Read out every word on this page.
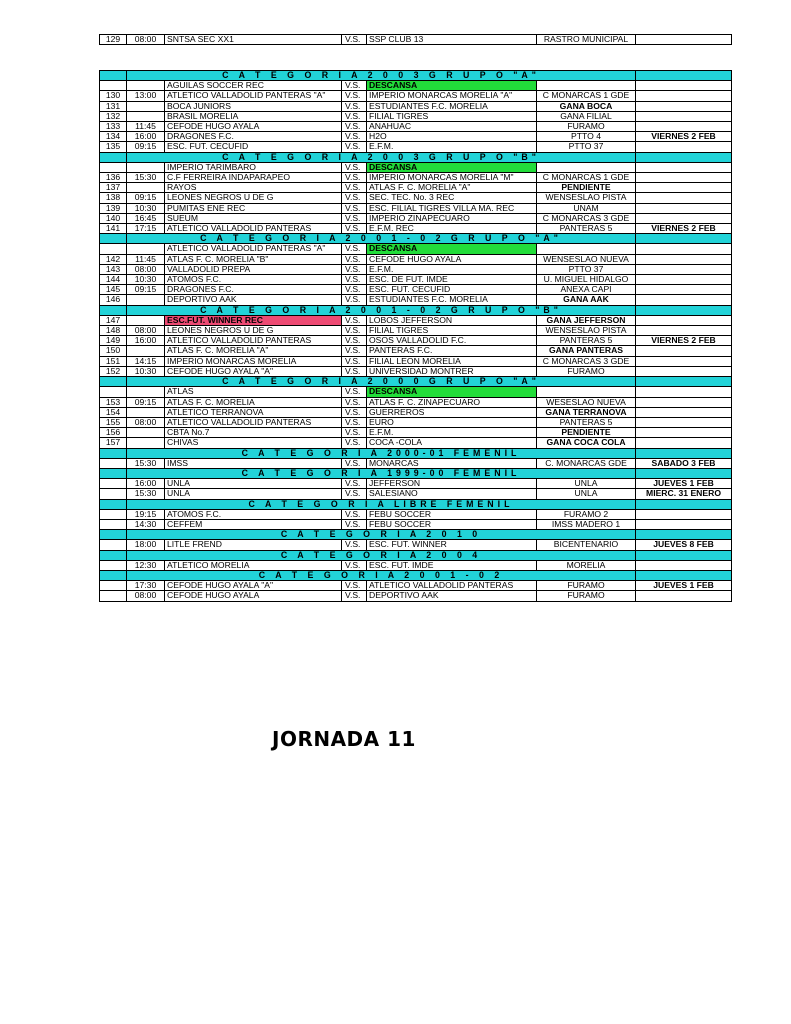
129	08:00	SNTSA SEC XX1	V.S.	SSP CLUB 13	RASTRO MUNICIPAL	
	C A T E G O R I A 2 0 0 3 G R U P O "A"					
		AGUILAS SOCCER REC	V.S.	DESCANSA		
130	13:00	ATLETICO VALLADOLID PANTERAS "A"	V.S.	IMPERIO MONARCAS MORELIA "A"	C MONARCAS 1 GDE	
131		BOCA JUNIORS	V.S.	ESTUDIANTES F.C. MORELIA	GANA BOCA	
132		BRASIL MORELIA	V.S.	FILIAL TIGRES	GANA FILIAL	
133	11:45	CEFODE HUGO AYALA	V.S.	ANAHUAC	FURAMO	
134	16:00	DRAGONES F.C.	V.S.	H2O	PTTO 4	VIERNES 2 FEB
135	09:15	ESC. FUT. CECUFID	V.S.	E.F.M.	PTTO 37	
	C A T E G O R I A 2 0 0 3 G R U P O "B"					
		IMPERIO TARIMBARO	V.S.	DESCANSA		
136	15:30	C.F FERREIRA INDAPARAPEO	V.S.	IMPERIO MONARCAS MORELIA "M"	C MONARCAS 1 GDE	
137		RAYOS	V.S.	ATLAS F. C. MORELIA "A"	PENDIENTE	
138	09:15	LEONES NEGROS U DE G	V.S.	SEC. TEC. No. 3 REC	WENSESLAO PISTA	
139	10:30	PUMITAS ENE REC	V.S.	ESC. FILIAL TIGRES VILLA MA. REC	UNAM	
140	16:45	SUEUM	V.S.	IMPERIO ZINAPECUARO	C MONARCAS 3 GDE	
141	17:15	ATLETICO VALLADOLID PANTERAS	V.S.	E.F.M. REC	PANTERAS 5	VIERNES 2 FEB
	C A T E G O R I A 2 0 0 1 - 0 2 G R U P O "A"					
		ATLETICO VALLADOLID PANTERAS "A"	V.S.	DESCANSA		
142	11:45	ATLAS F. C. MORELIA "B"	V.S.	CEFODE HUGO AYALA	WENSESLAO NUEVA	
143	08:00	VALLADOLID PREPA	V.S.	E.F.M.	PTTO 37	
144	10:30	ATOMOS F.C.	V.S.	ESC. DE FUT. IMDE	U. MIGUEL HIDALGO	
145	09:15	DRAGONES F.C.	V.S.	ESC. FUT. CECUFID	ANEXA CAPI	
146		DEPORTIVO AAK	V.S.	ESTUDIANTES F.C. MORELIA	GANA AAK	
	C A T E G O R I A 2 0 0 1 - 0 2 G R U P O "B"					
147		ESC.FUT. WINNER REC	V.S.	LOBOS JEFFERSON	GANA JEFFERSON	
148	08:00	LEONES NEGROS U DE G	V.S.	FILIAL TIGRES	WENSESLAO PISTA	
149	16:00	ATLETICO VALLADOLID PANTERAS	V.S.	OSOS VALLADOLID F.C.	PANTERAS 5	VIERNES 2 FEB
150		ATLAS F. C. MORELIA "A"	V.S.	PANTERAS F.C.	GANA PANTERAS	
151	14:15	IMPERIO MONARCAS MORELIA	V.S.	FILIAL LEON MORELIA	C MONARCAS 3 GDE	
152	10:30	CEFODE HUGO AYALA "A"	V.S.	UNIVERSIDAD MONTRER	FURAMO	
	C A T E G O R I A 2 0 0 0 G R U P O "A"					
		ATLAS	V.S.	DESCANSA		
153	09:15	ATLAS F. C. MORELIA	V.S.	ATLAS F. C. ZINAPECUARO	WESESLAO NUEVA	
154		ATLETICO TERRANOVA	V.S.	GUERREROS	GANA TERRANOVA	
155	08:00	ATLETICO VALLADOLID PANTERAS	V.S.	EURO	PANTERAS 5	
156		CBTA No.7	V.S.	E.F.M.	PENDIENTE	
157		CHIVAS	V.S.	COCA -COLA	GANA COCA COLA	
	C A T E G O R I A 2000-01 FEMENIL					
	15:30	IMSS	V.S.	MONARCAS	C. MONARCAS GDE	SABADO 3 FEB
	C A T E G O R I A 1999-00 FEMENIL					
	16:00	UNLA	V.S.	JEFFERSON	UNLA	JUEVES 1 FEB
	15:30	UNLA	V.S.	SALESIANO	UNLA	MIERC. 31 ENERO
	C A T E G O R I A LIBRE FEMENIL					
	19:15	ATOMOS F.C.	V.S.	FEBU SOCCER	FURAMO 2	
	14:30	CEFFEM	V.S.	FEBU SOCCER	IMSS MADERO 1	
	C A T E G O R I A 2 0 1 0					
	18:00	LITLE FREND	V.S.	ESC. FUT. WINNER	BICENTENARIO	JUEVES 8 FEB
	C A T E G O R I A 2 0 0 4					
	12:30	ATLETICO MORELIA	V.S.	ESC. FUT. IMDE	MORELIA	
	C A T E G O R I A 2 0 0 1 - 0 2					
	17:30	CEFODE HUGO AYALA "A"	V.S.	ATLETICO VALLADOLID PANTERAS	FURAMO	JUEVES 1 FEB
	08:00	CEFODE HUGO AYALA	V.S.	DEPORTIVO AAK	FURAMO	
JORNADA 11
